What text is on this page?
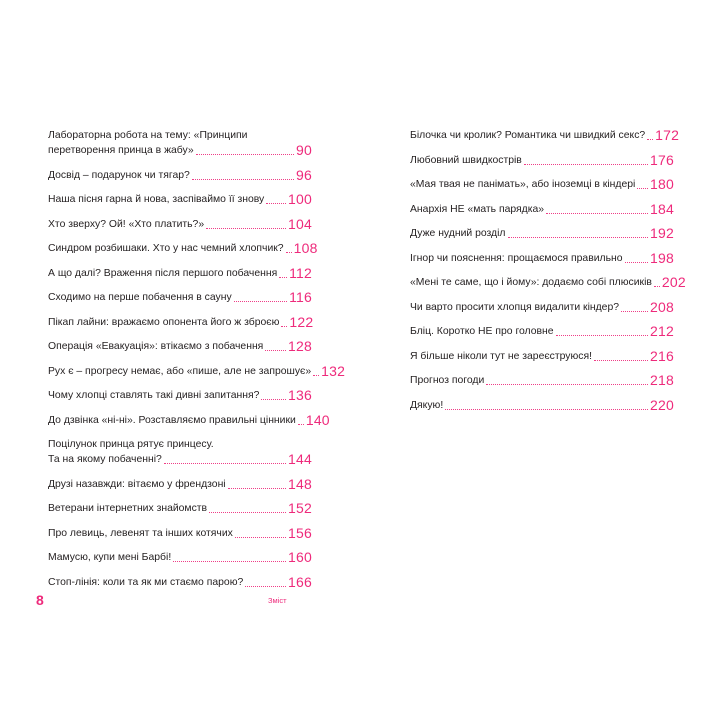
Лабораторна робота на тему: «Принципи
перетворення принца в жабу»	90
Досвід – подарунок чи тягар?	96
Наша пісня гарна й нова, заспіваймо її знову 100
Хто зверху? Ой! «Хто платить?»	104
Синдром розбишаки. Хто у нас чемний хлопчик? 108
А що далі? Враження після першого побачення 112
Сходимо на перше побачення в сауну	116
Пікап лайни: вражаємо опонента його ж зброєю 122
Операція «Евакуація»: втікаємо з побачення 128
Рух є – прогресу немає, або «пише, але не запрошує» 132
Чому хлопці ставлять такі дивні запитання? 136
До дзвінка «ні-ні». Розставляємо правильні цінники 140
Поцілунок принца рятує принцесу.
Та на якому побаченні?	144
Друзі назавжди: вітаємо у френдзоні	148
Ветерани інтернетних знайомств	152
Про левиць, левенят та інших котячих	156
Мамусю, купи мені Барбі!	160
Стоп-лінія: коли та як ми стаємо парою?	166
Білочка чи кролик? Романтика чи швидкий секс? 172
Любовний швидкострів	176
«Мая твая не панімать», або іноземці в кіндері 180
Анархія НЕ «мать парядка»	184
Дуже нудний розділ	192
Ігнор чи пояснення: прощаємося правильно 198
«Мені те саме, що і йому»: додаємо собі плюсиків 202
Чи варто просити хлопця видалити кіндер? 208
Бліц. Коротко НЕ про головне	212
Я більше ніколи тут не зареєструюся!	216
Прогноз погоди	218
Дякую!	220
8	Зміст
